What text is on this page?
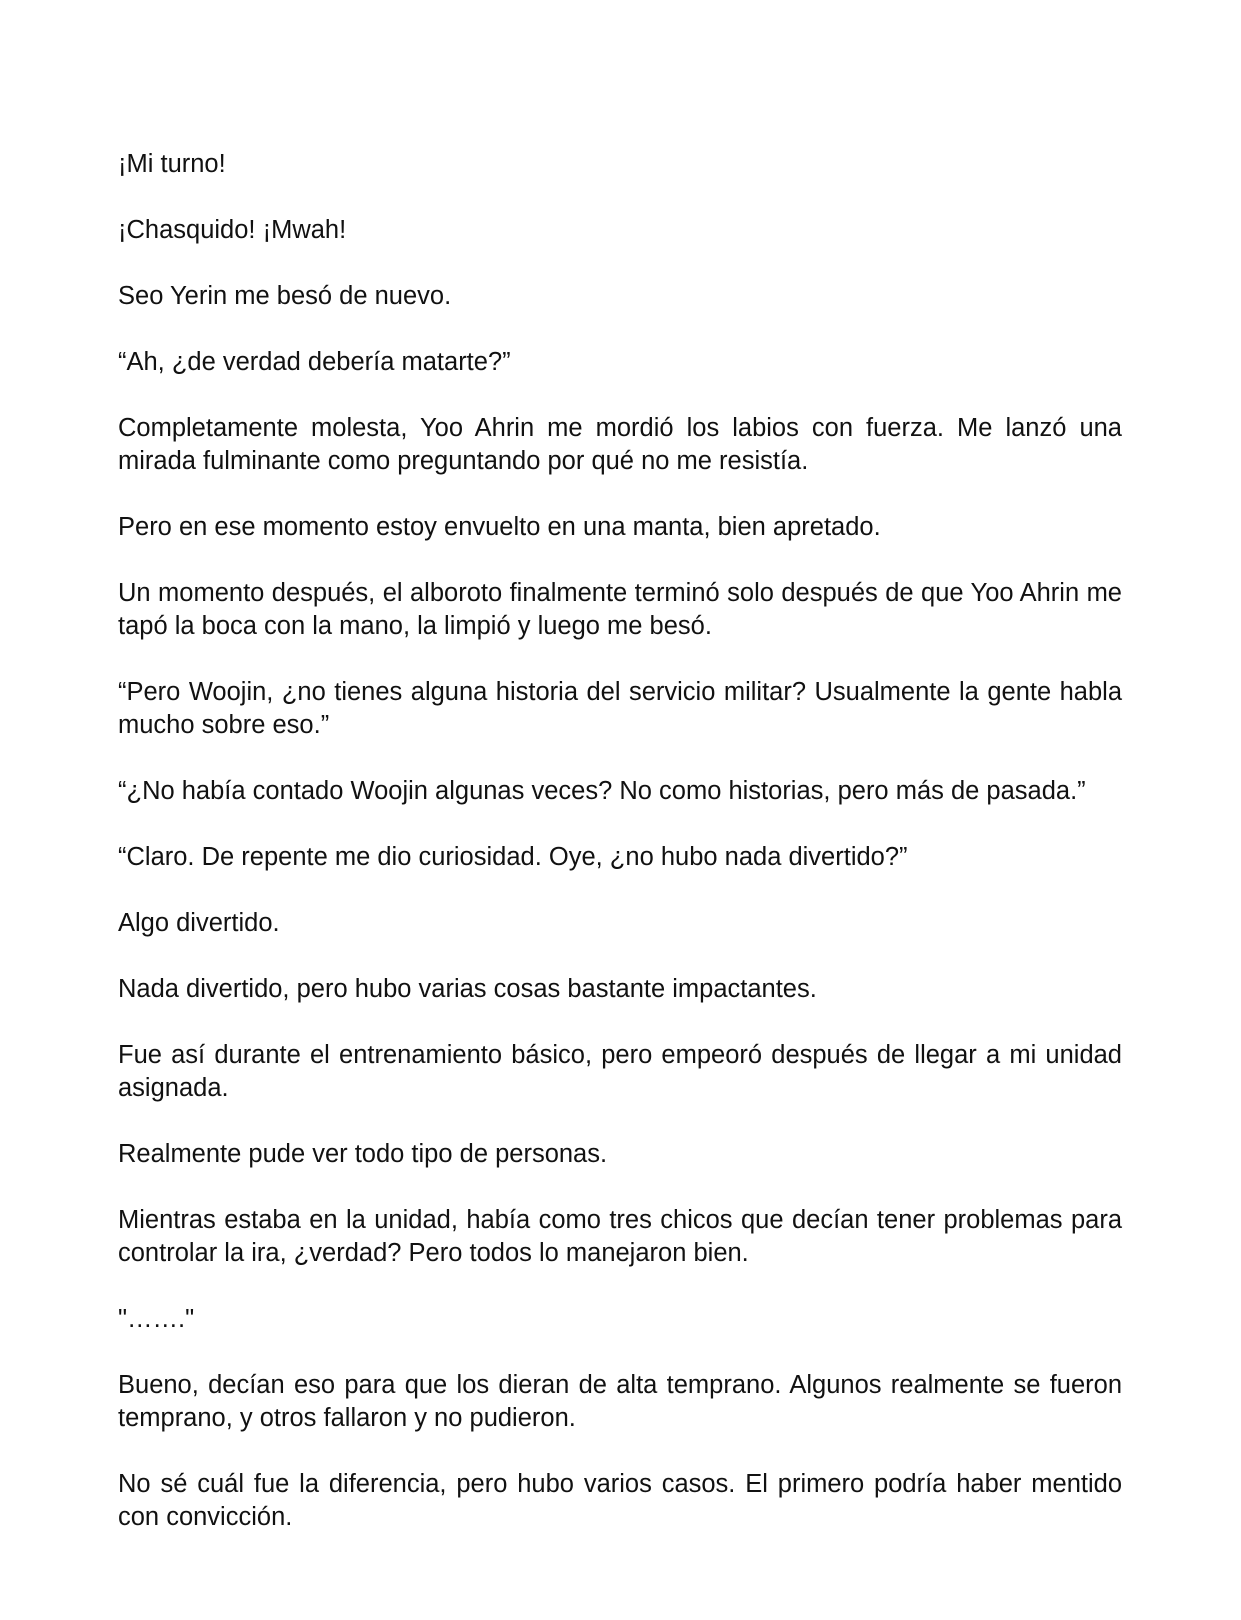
¡Mi turno!

¡Chasquido! ¡Mwah!

Seo Yerin me besó de nuevo.

“Ah, ¿de verdad debería matarte?”

Completamente molesta, Yoo Ahrin me mordió los labios con fuerza. Me lanzó una mirada fulminante como preguntando por qué no me resistía.

Pero en ese momento estoy envuelto en una manta, bien apretado.

Un momento después, el alboroto finalmente terminó solo después de que Yoo Ahrin me tapó la boca con la mano, la limpió y luego me besó.

“Pero Woojin, ¿no tienes alguna historia del servicio militar? Usualmente la gente habla mucho sobre eso.”

“¿No había contado Woojin algunas veces? No como historias, pero más de pasada.”

“Claro. De repente me dio curiosidad. Oye, ¿no hubo nada divertido?”

Algo divertido.

Nada divertido, pero hubo varias cosas bastante impactantes.

Fue así durante el entrenamiento básico, pero empeoró después de llegar a mi unidad asignada.

Realmente pude ver todo tipo de personas.

Mientras estaba en la unidad, había como tres chicos que decían tener problemas para controlar la ira, ¿verdad? Pero todos lo manejaron bien.

"……."

Bueno, decían eso para que los dieran de alta temprano. Algunos realmente se fueron temprano, y otros fallaron y no pudieron.

No sé cuál fue la diferencia, pero hubo varios casos. El primero podría haber mentido con convicción.
